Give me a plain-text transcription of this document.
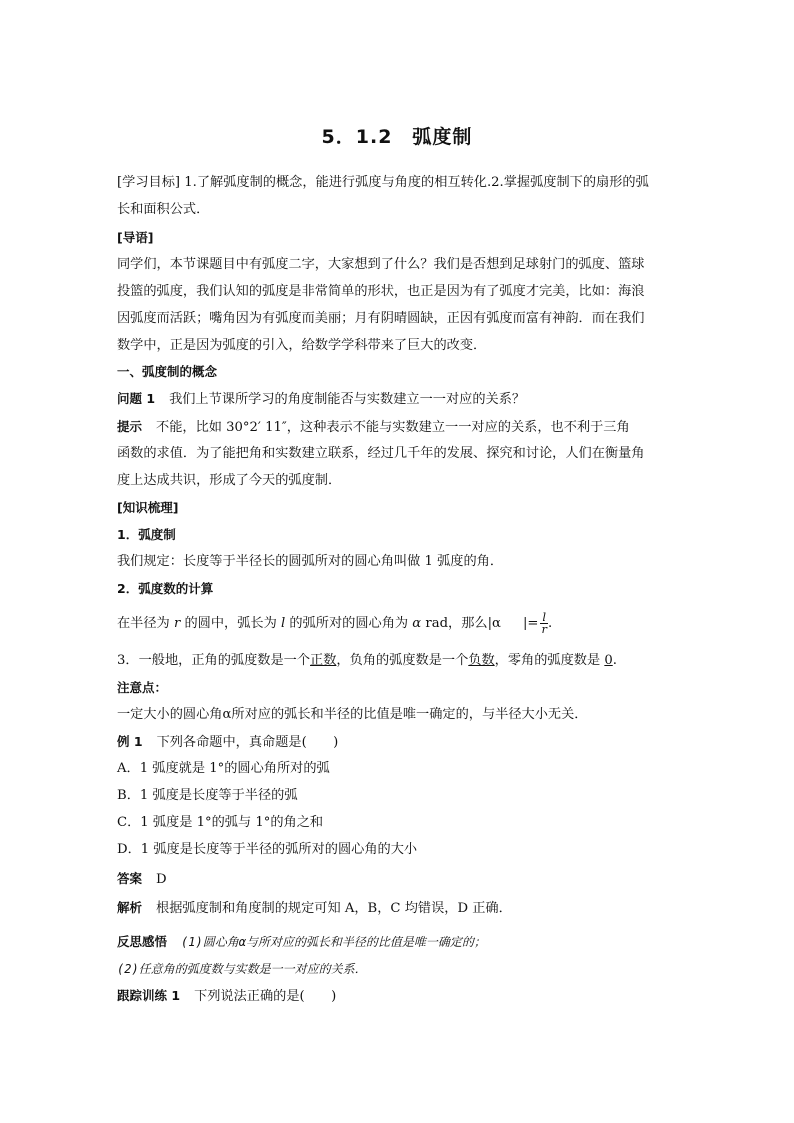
5．1.2　弧度制
[学习目标] 1.了解弧度制的概念，能进行弧度与角度的相互转化.2.掌握弧度制下的扇形的弧
长和面积公式．
[导语]
同学们，本节课题目中有弧度二字，大家想到了什么？我们是否想到足球射门的弧度、篮球
投篮的弧度，我们认知的弧度是非常简单的形状，也正是因为有了弧度才完美，比如：海浪
因弧度而活跃；嘴角因为有弧度而美丽；月有阴晴圆缺，正因有弧度而富有神韵．而在我们
数学中，正是因为弧度的引入，给数学学科带来了巨大的改变．
一、弧度制的概念
问题 1 我们上节课所学习的角度制能否与实数建立一一对应的关系？
提示 不能，比如 30°2′ 11″，这种表示不能与实数建立一一对应的关系，也不利于三角
函数的求值．为了能把角和实数建立联系，经过几千年的发展、探究和讨论，人们在衡量角
度上达成共识，形成了今天的弧度制．
[知识梳理]
1．弧度制
我们规定：长度等于半径长的圆弧所对的圆心角叫做 1 弧度的角．
2．弧度数的计算
在半径为 r 的圆中，弧长为 l 的弧所对的圆心角为 α rad，那么|α |= $\frac{l}{r}$ .
3．一般地，正角的弧度数是一个正数，负角的弧度数是一个负数，零角的弧度数是 0.
注意点：
一定大小的圆心角α所对应的弧长和半径的比值是唯一确定的，与半径大小无关．
例 1 下列各命题中，真命题是(　　)
A．1 弧度就是 1°的圆心角所对的弧
B．1 弧度是长度等于半径的弧
C．1 弧度是 1°的弧与 1°的角之和
D．1 弧度是长度等于半径的弧所对的圆心角的大小
答案 D
解析 根据弧度制和角度制的规定可知 A，B，C 均错误，D 正确．
反思感悟 (1)圆心角α与所对应的弧长和半径的比值是唯一确定的；
(2)任意角的弧度数与实数是一一对应的关系．
跟踪训练 1 下列说法正确的是(　　)
